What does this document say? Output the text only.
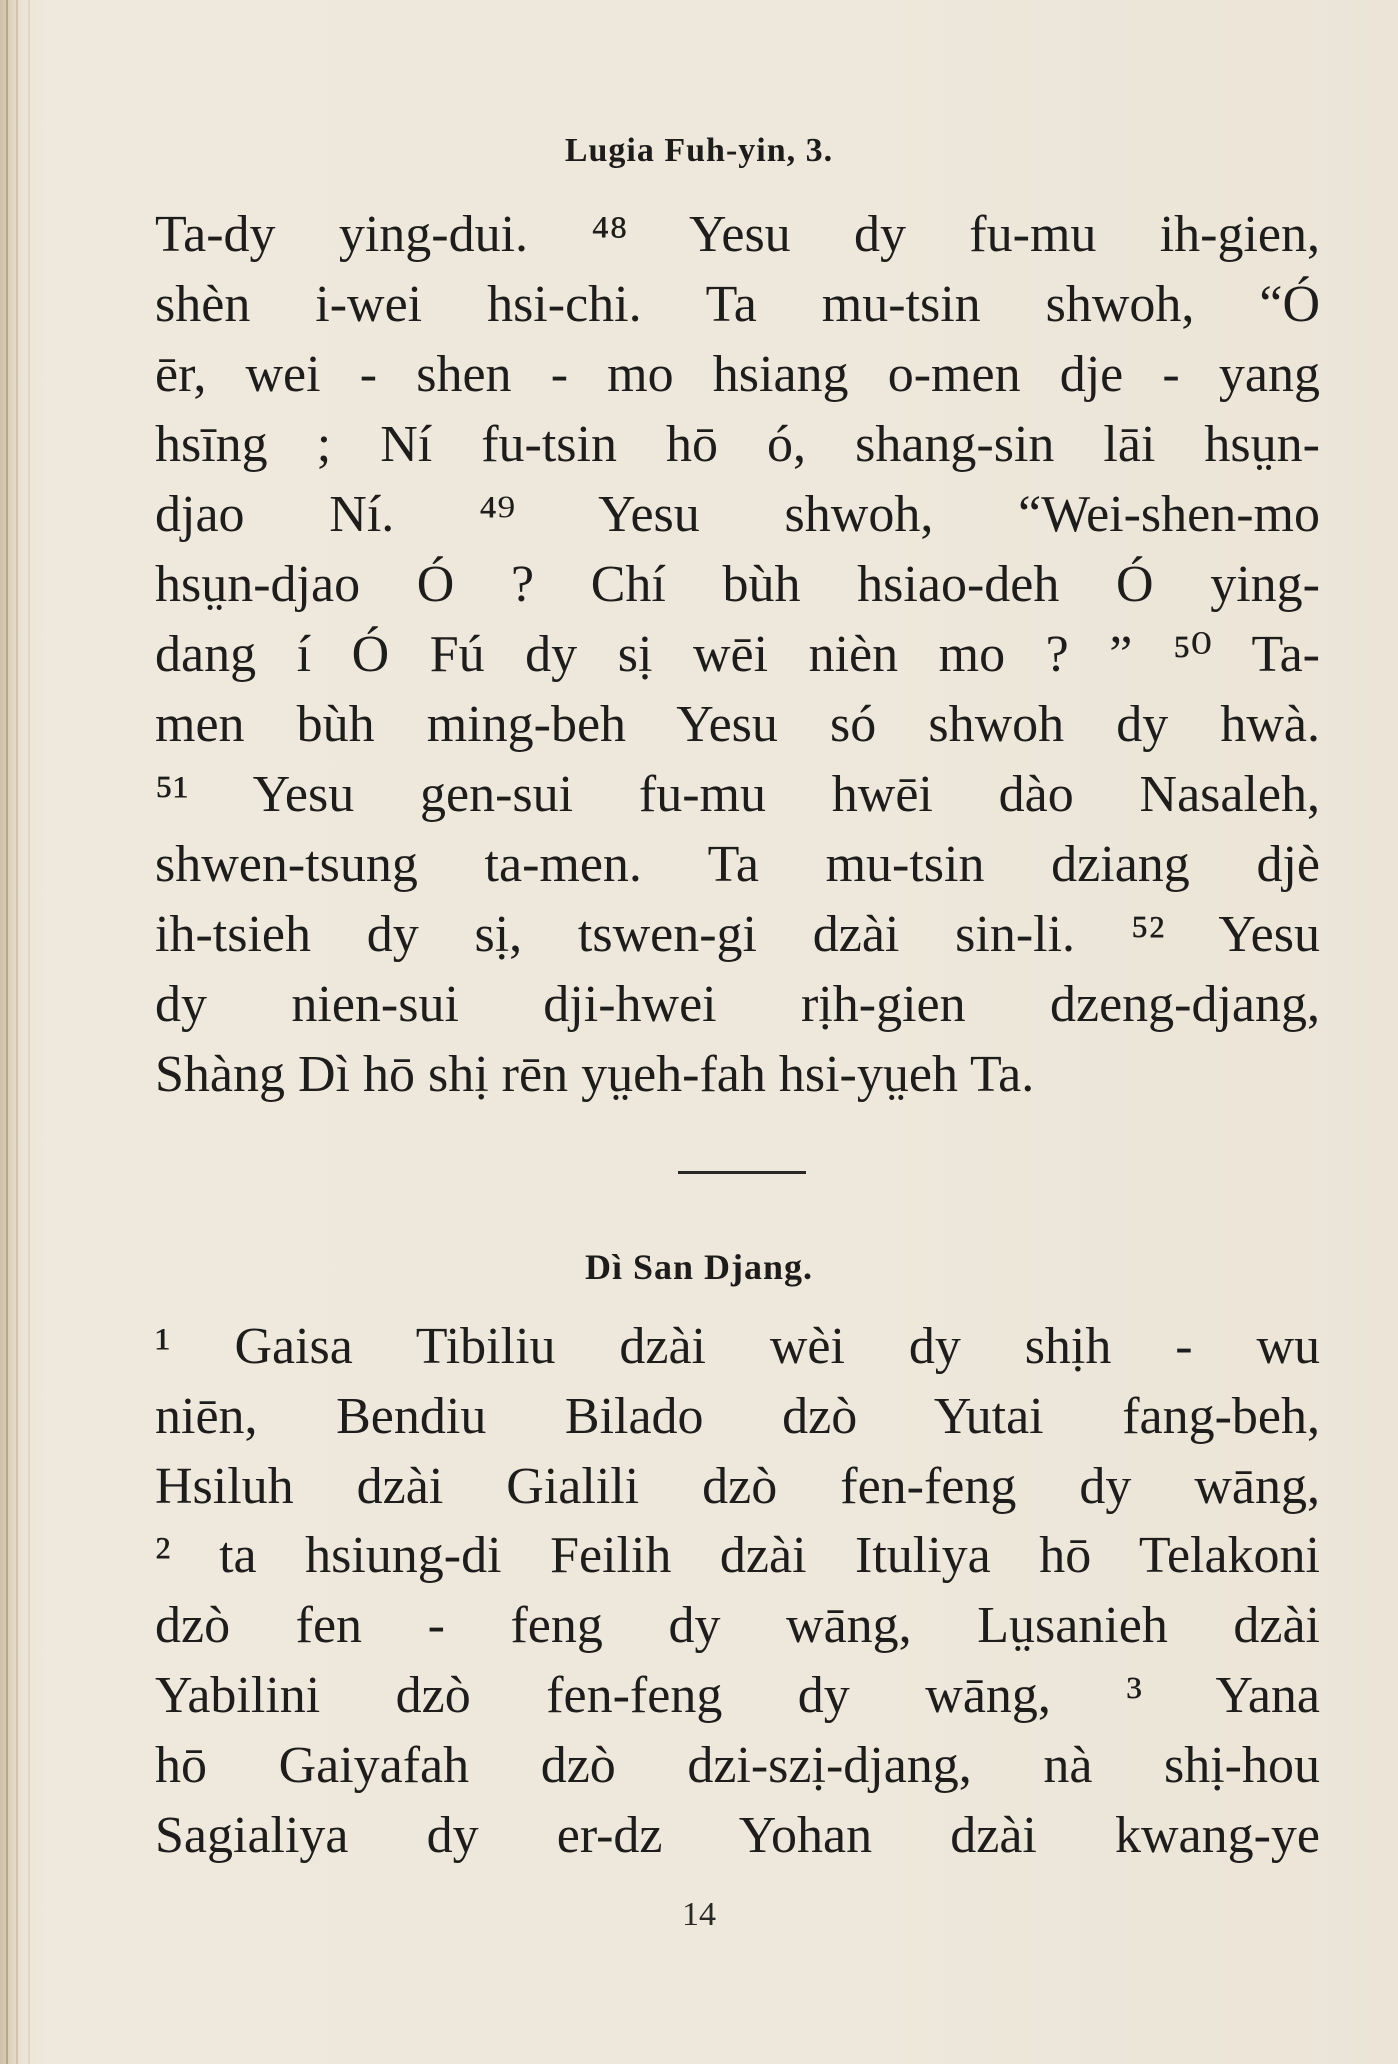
Lugia Fuh-yin, 3.
Ta-dy ying-dui. ⁴⁸ Yesu dy fu-mu ih-gien,
shèn i-wei hsi-chi. Ta mu-tsin shwoh, “Ó
ēr, wei - shen - mo hsiang o-men dje - yang
hsīng ; Ní fu-tsin hō ó, shang-sin lāi hsṳn-
djao Ní. ⁴⁹ Yesu shwoh, “Wei-shen-mo
hsṳn-djao Ó ? Chí bùh hsiao-deh Ó ying-
dang í Ó Fú dy sị wēi nièn mo ? ” ⁵⁰ Ta-
men bùh ming-beh Yesu só shwoh dy hwà.
⁵¹ Yesu gen-sui fu-mu hwēi dào Nasaleh,
shwen-tsung ta-men. Ta mu-tsin dziang djè
ih-tsieh dy sị, tswen-gi dzài sin-li. ⁵² Yesu
dy nien-sui dji-hwei rịh-gien dzeng-djang,
Shàng Dì hō shị rēn yṳeh-fah hsi-yṳeh Ta.
Dì San Djang.
¹ Gaisa Tibiliu dzài wèi dy shịh - wu
niēn, Bendiu Bilado dzò Yutai fang-beh,
Hsiluh dzài Gialili dzò fen-feng dy wāng,
² ta hsiung-di Feilih dzài Ituliya hō Telakoni
dzò fen - feng dy wāng, Lṳsanieh dzài
Yabilini dzò fen-feng dy wāng, ³ Yana
hō Gaiyafah dzò dzi-szị-djang, nà shị-hou
Sagialiya dy er-dz Yohan dzài kwang-ye
14
